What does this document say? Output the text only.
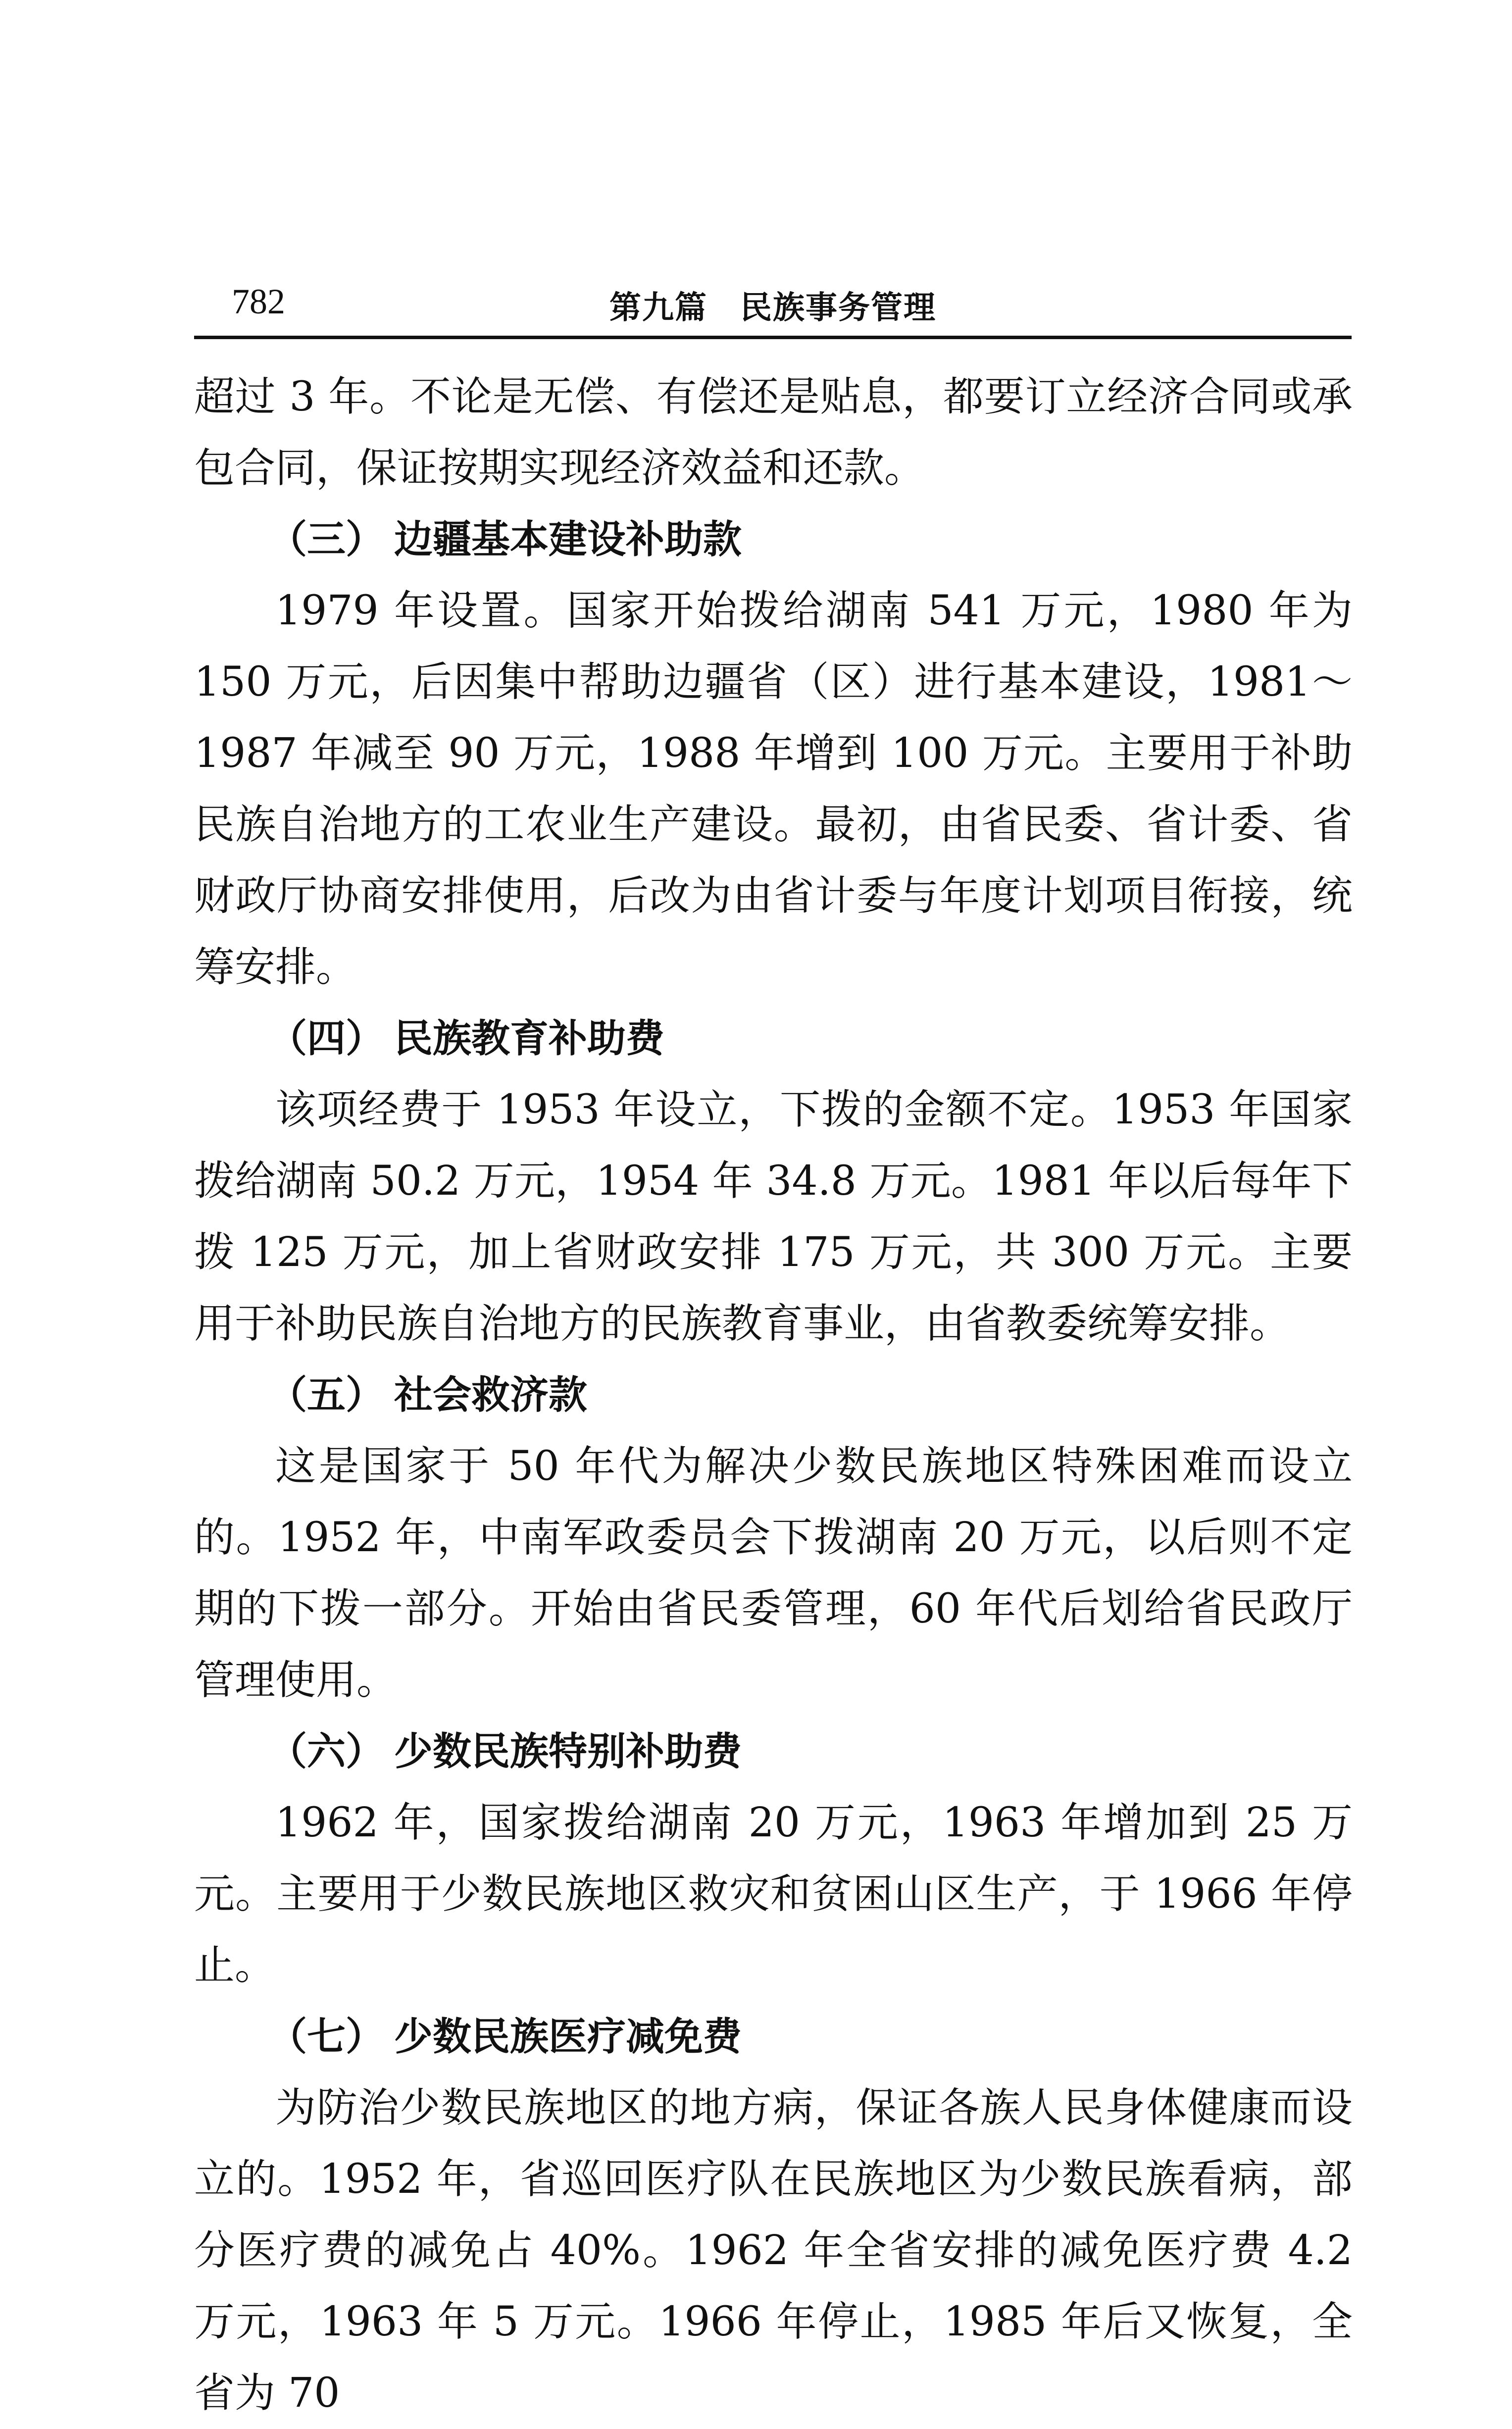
782	第九篇　民族事务管理

超过 3 年。不论是无偿、有偿还是贴息，都要订立经济合同或承包合同，保证按期实现经济效益和还款。

（三） 边疆基本建设补助款

1979 年设置。国家开始拨给湖南 541 万元，1980 年为 150 万元，后因集中帮助边疆省（区）进行基本建设，1981～1987 年减至 90 万元，1988 年增到 100 万元。主要用于补助民族自治地方的工农业生产建设。最初，由省民委、省计委、省财政厅协商安排使用，后改为由省计委与年度计划项目衔接，统筹安排。

（四） 民族教育补助费

该项经费于 1953 年设立，下拨的金额不定。1953 年国家拨给湖南 50.2 万元，1954 年 34.8 万元。1981 年以后每年下拨 125 万元，加上省财政安排 175 万元，共 300 万元。主要用于补助民族自治地方的民族教育事业，由省教委统筹安排。

（五） 社会救济款

这是国家于 50 年代为解决少数民族地区特殊困难而设立的。1952 年，中南军政委员会下拨湖南 20 万元，以后则不定期的下拨一部分。开始由省民委管理，60 年代后划给省民政厅管理使用。

（六） 少数民族特别补助费

1962 年，国家拨给湖南 20 万元，1963 年增加到 25 万元。主要用于少数民族地区救灾和贫困山区生产，于 1966 年停止。

（七） 少数民族医疗减免费

为防治少数民族地区的地方病，保证各族人民身体健康而设立的。1952 年，省巡回医疗队在民族地区为少数民族看病，部分医疗费的减免占 40%。1962 年全省安排的减免医疗费 4.2 万元，1963 年 5 万元。1966 年停止，1985 年后又恢复，全省为 70
